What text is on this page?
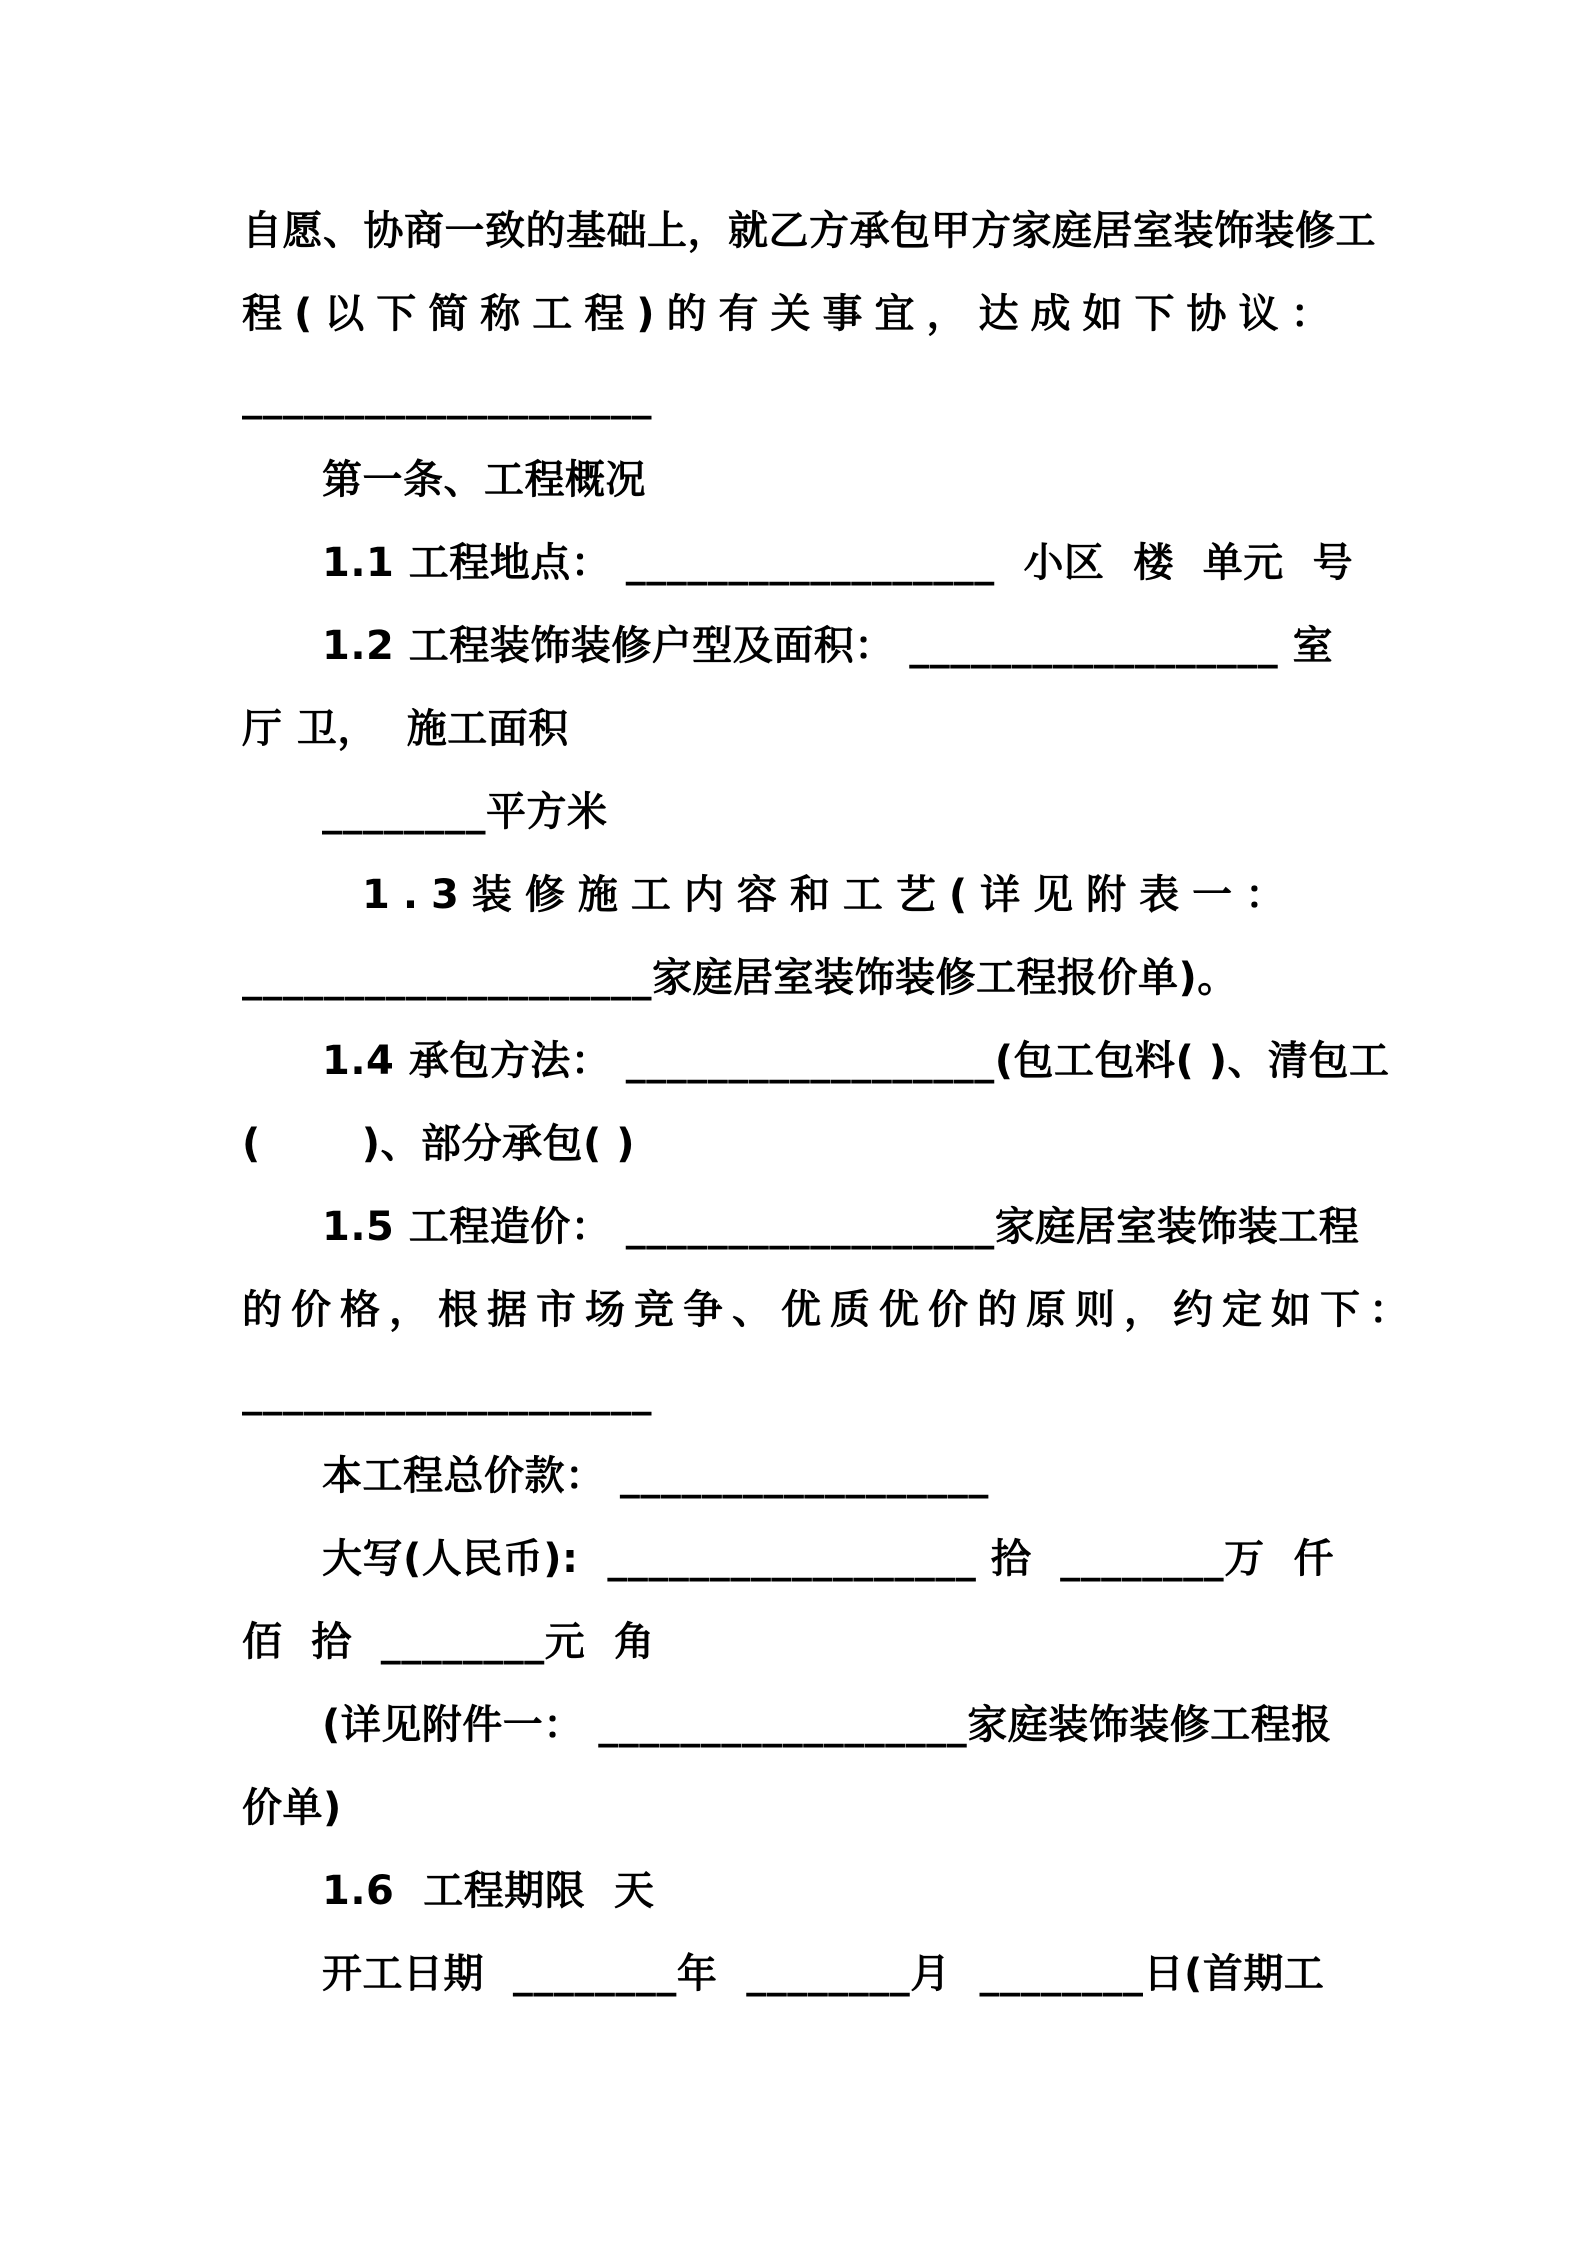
自愿、协商一致的基础上，就乙方承包甲方家庭居室装饰装修工
程(以下简称工程)的有关事宜，达成如下协议：
____________________
第一条、工程概况
1.1 工程地点： __________________  小区  楼  单元  号
1.2 工程装饰装修户型及面积： __________________ 室
厅 卫，  施工面积
________平方米
1.3装修施工内容和工艺(详见附表一：
____________________家庭居室装饰装修工程报价单)。
1.4 承包方法： __________________(包工包料( )、清包工
(       )、部分承包( )
1.5 工程造价： __________________家庭居室装饰装工程
的价格，根据市场竞争、优质优价的原则，约定如下：
____________________
本工程总价款： __________________
大写(人民币):  __________________ 拾  ________万  仟
佰  拾  ________元  角
(详见附件一： __________________家庭装饰装修工程报
价单)
1.6  工程期限  天
开工日期  ________年  ________月  ________日(首期工
